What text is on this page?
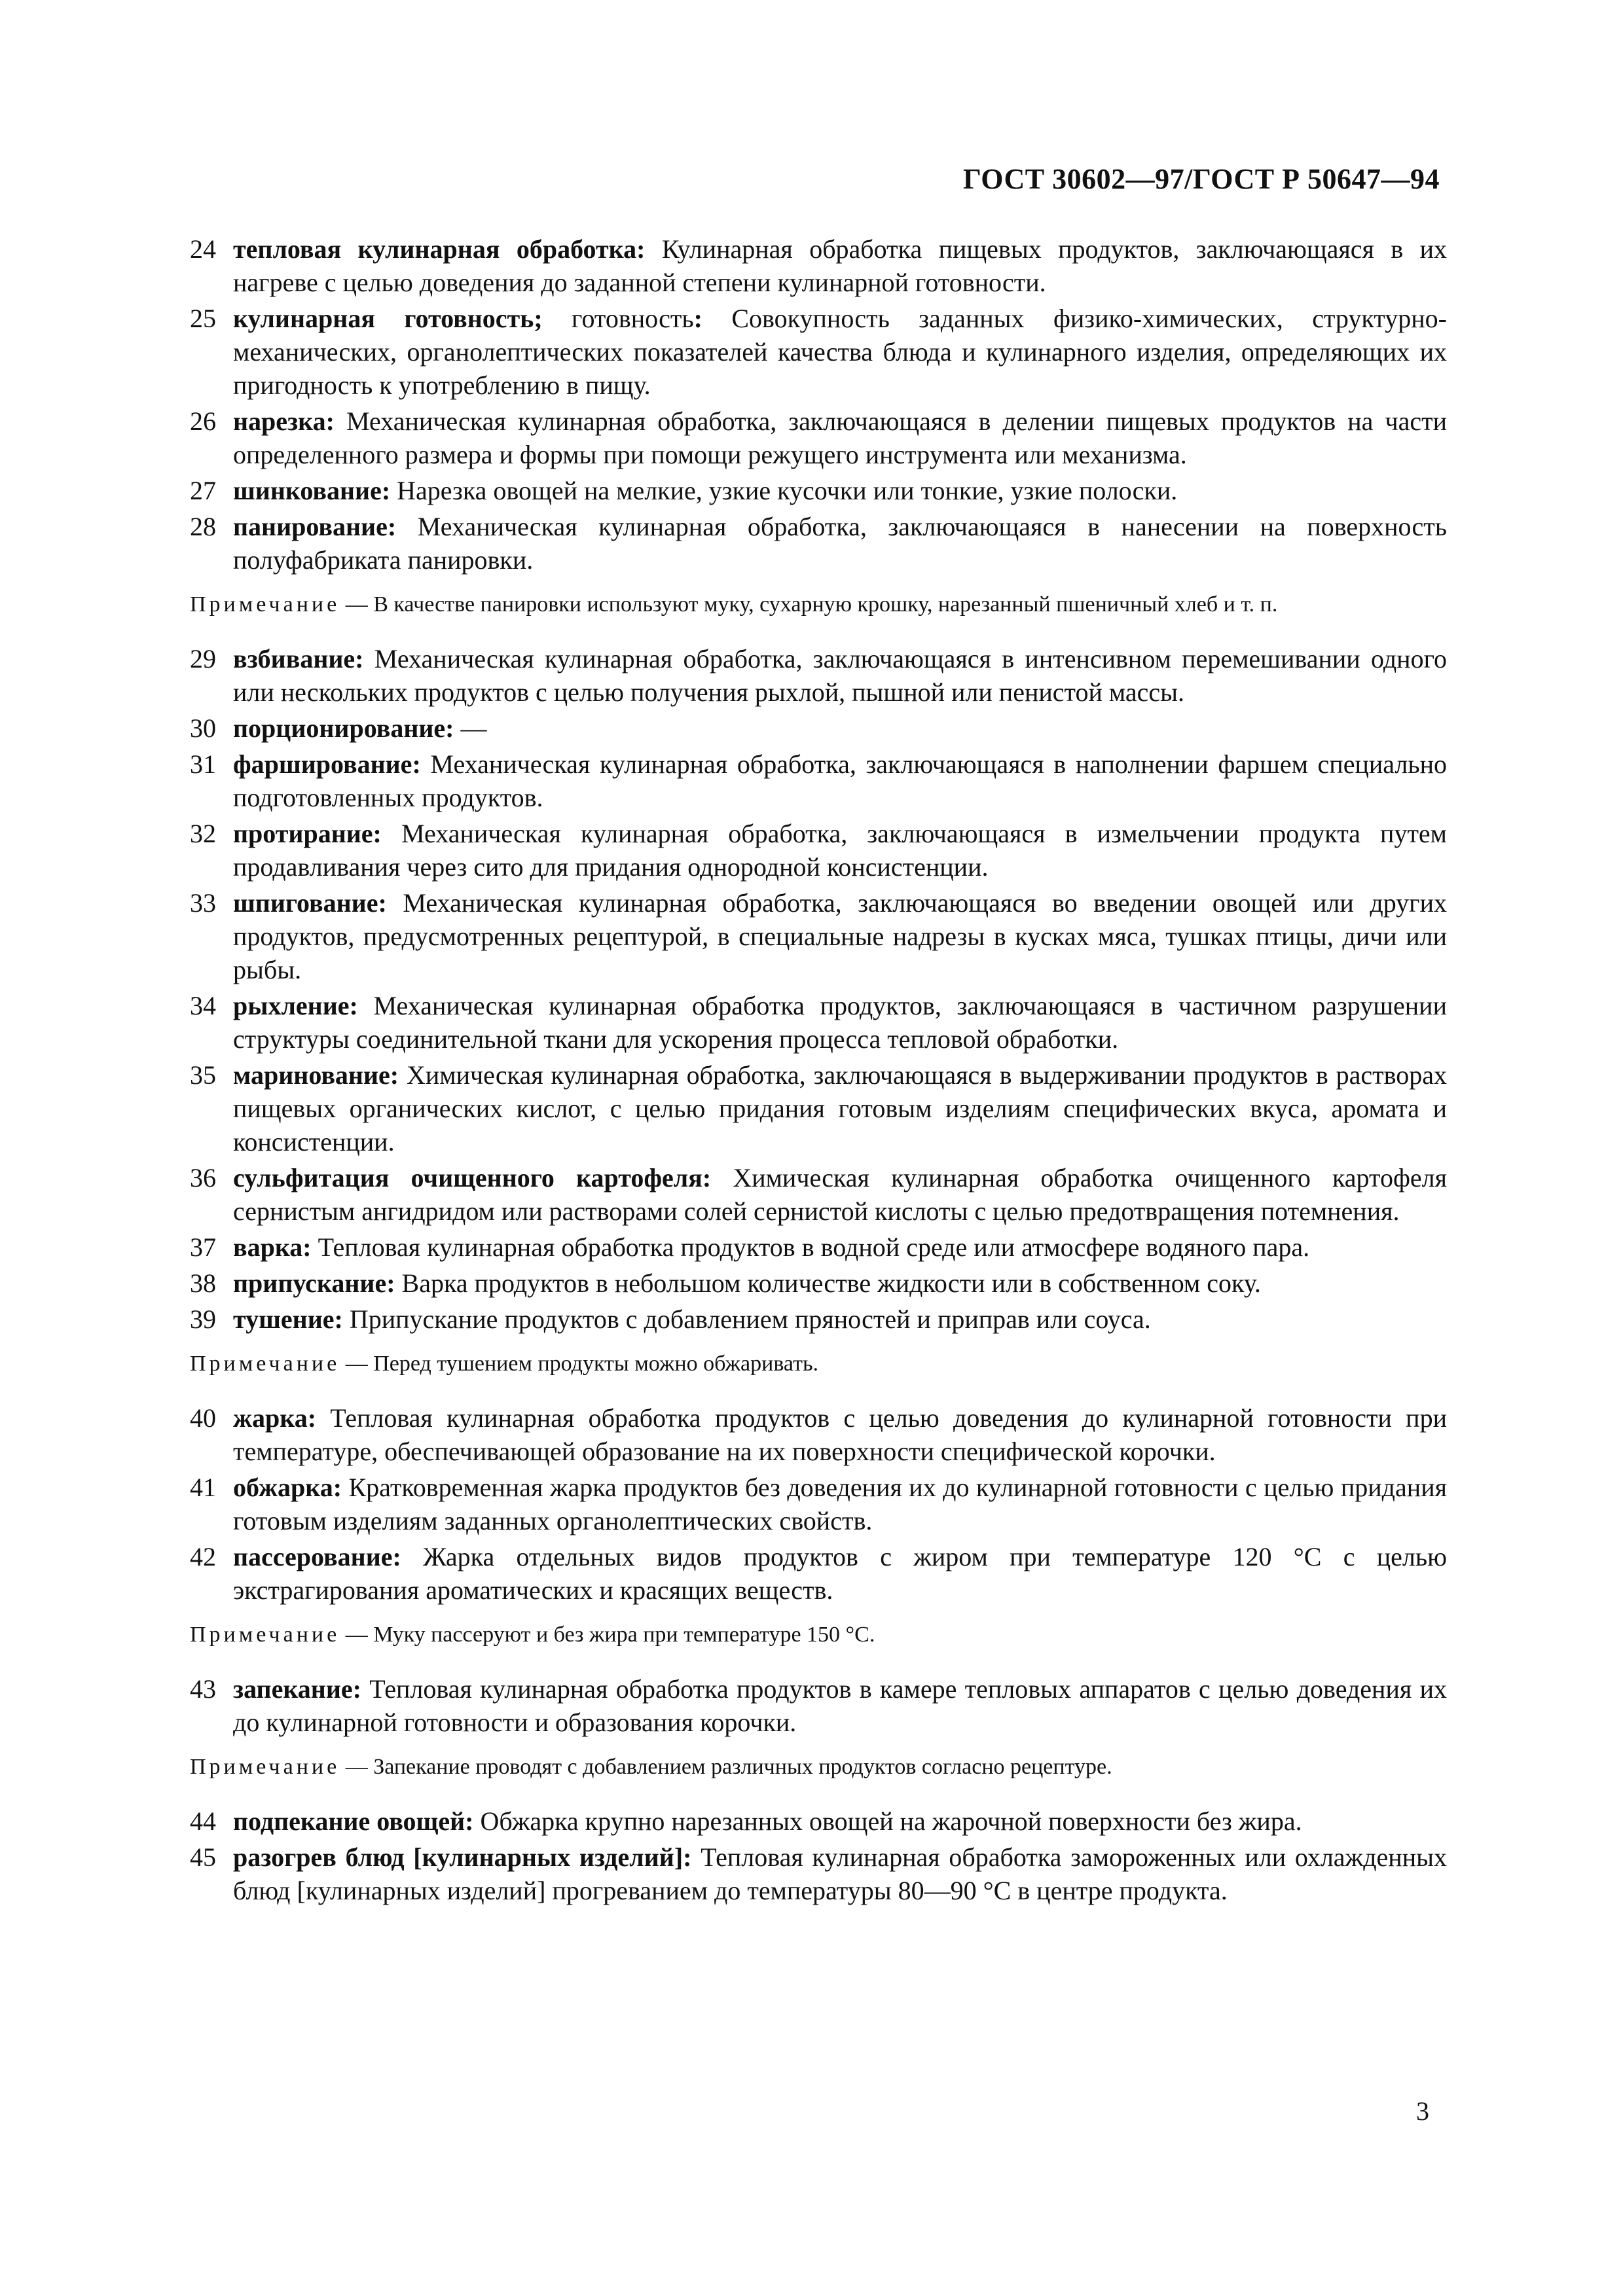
ГОСТ 30602—97/ГОСТ Р 50647—94
24 тепловая кулинарная обработка: Кулинарная обработка пищевых продуктов, заключающаяся в их нагреве с целью доведения до заданной степени кулинарной готовности.
25 кулинарная готовность; готовность: Совокупность заданных физико-химических, структурно-механических, органолептических показателей качества блюда и кулинарного изделия, определяющих их пригодность к употреблению в пищу.
26 нарезка: Механическая кулинарная обработка, заключающаяся в делении пищевых продуктов на части определенного размера и формы при помощи режущего инструмента или механизма.
27 шинкование: Нарезка овощей на мелкие, узкие кусочки или тонкие, узкие полоски.
28 панирование: Механическая кулинарная обработка, заключающаяся в нанесении на поверхность полуфабриката панировки.
Примечание — В качестве панировки используют муку, сухарную крошку, нарезанный пшеничный хлеб и т. п.
29 взбивание: Механическая кулинарная обработка, заключающаяся в интенсивном перемешивании одного или нескольких продуктов с целью получения рыхлой, пышной или пенистой массы.
30 порционирование: —
31 фарширование: Механическая кулинарная обработка, заключающаяся в наполнении фаршем специально подготовленных продуктов.
32 протирание: Механическая кулинарная обработка, заключающаяся в измельчении продукта путем продавливания через сито для придания однородной консистенции.
33 шпигование: Механическая кулинарная обработка, заключающаяся во введении овощей или других продуктов, предусмотренных рецептурой, в специальные надрезы в кусках мяса, тушках птицы, дичи или рыбы.
34 рыхление: Механическая кулинарная обработка продуктов, заключающаяся в частичном разрушении структуры соединительной ткани для ускорения процесса тепловой обработки.
35 маринование: Химическая кулинарная обработка, заключающаяся в выдерживании продуктов в растворах пищевых органических кислот, с целью придания готовым изделиям специфических вкуса, аромата и консистенции.
36 сульфитация очищенного картофеля: Химическая кулинарная обработка очищенного картофеля сернистым ангидридом или растворами солей сернистой кислоты с целью предотвращения потемнения.
37 варка: Тепловая кулинарная обработка продуктов в водной среде или атмосфере водяного пара.
38 припускание: Варка продуктов в небольшом количестве жидкости или в собственном соку.
39 тушение: Припускание продуктов с добавлением пряностей и приправ или соуса.
Примечание — Перед тушением продукты можно обжаривать.
40 жарка: Тепловая кулинарная обработка продуктов с целью доведения до кулинарной готовности при температуре, обеспечивающей образование на их поверхности специфической корочки.
41 обжарка: Кратковременная жарка продуктов без доведения их до кулинарной готовности с целью придания готовым изделиям заданных органолептических свойств.
42 пассерование: Жарка отдельных видов продуктов с жиром при температуре 120 °С с целью экстрагирования ароматических и красящих веществ.
Примечание — Муку пассеруют и без жира при температуре 150 °С.
43 запекание: Тепловая кулинарная обработка продуктов в камере тепловых аппаратов с целью доведения их до кулинарной готовности и образования корочки.
Примечание — Запекание проводят с добавлением различных продуктов согласно рецептуре.
44 подпекание овощей: Обжарка крупно нарезанных овощей на жарочной поверхности без жира.
45 разогрев блюд [кулинарных изделий]: Тепловая кулинарная обработка замороженных или охлажденных блюд [кулинарных изделий] прогреванием до температуры 80—90 °С в центре продукта.
3
